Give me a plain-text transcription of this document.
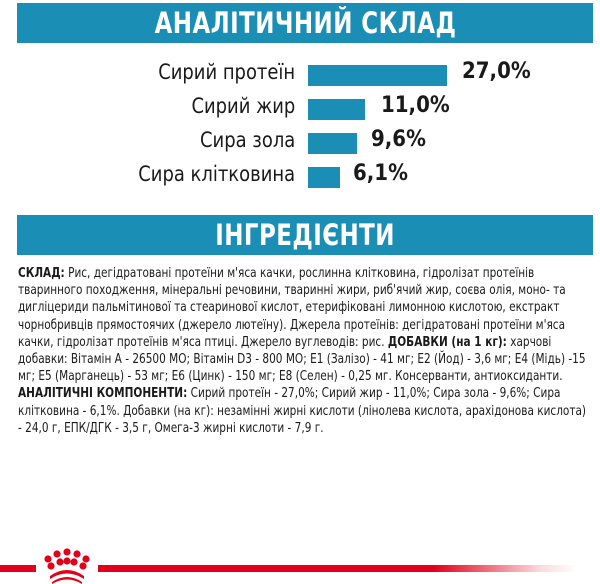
АНАЛІТИЧНИЙ СКЛАД
Сирий протеїн	27,0%
Сирий жир	11,0%
Сира зола	9,6%
Сира клітковина	6,1%
ІНГРЕДІЄНТИ

СКЛАД: Рис, дегідратовані протеїни м'яса качки, рослинна клітковина, гідролізат протеїнів тваринного походження, мінеральні речовини, тваринні жири, риб'ячий жир, соєва олія, моно- та дигліцериди пальмітинової та стеаринової кислот, етерифіковані лимонною кислотою, екстракт чорнобривців прямостоячих (джерело лютеїну). Джерела протеїнів: дегідратовані протеїни м'яса качки, гідролізат протеїнів м'яса птиці. Джерело вуглеводів: рис. ДОБАВКИ (на 1 кг): харчові добавки: Вітамін А - 26500 МО; Вітамін D3 - 800 МО; Е1 (Залізо) - 41 мг; Е2 (Йод) - 3,6 мг; Е4 (Мідь) -15 мг; Е5 (Марганець) - 53 мг; Е6 (Цинк) - 150 мг; Е8 (Селен) - 0,25 мг. Консерванти, антиоксиданти. АНАЛІТИЧНІ КОМПОНЕНТИ: Сирий протеїн - 27,0%; Сирий жир - 11,0%; Сира зола - 9,6%; Сира клітковина - 6,1%. Добавки (на кг): незамінні жирні кислоти (лінолева кислота, арахідонова кислота) - 24,0 г, ЕПК/ДГК - 3,5 г, Омега-3 жирні кислоти - 7,9 г.
